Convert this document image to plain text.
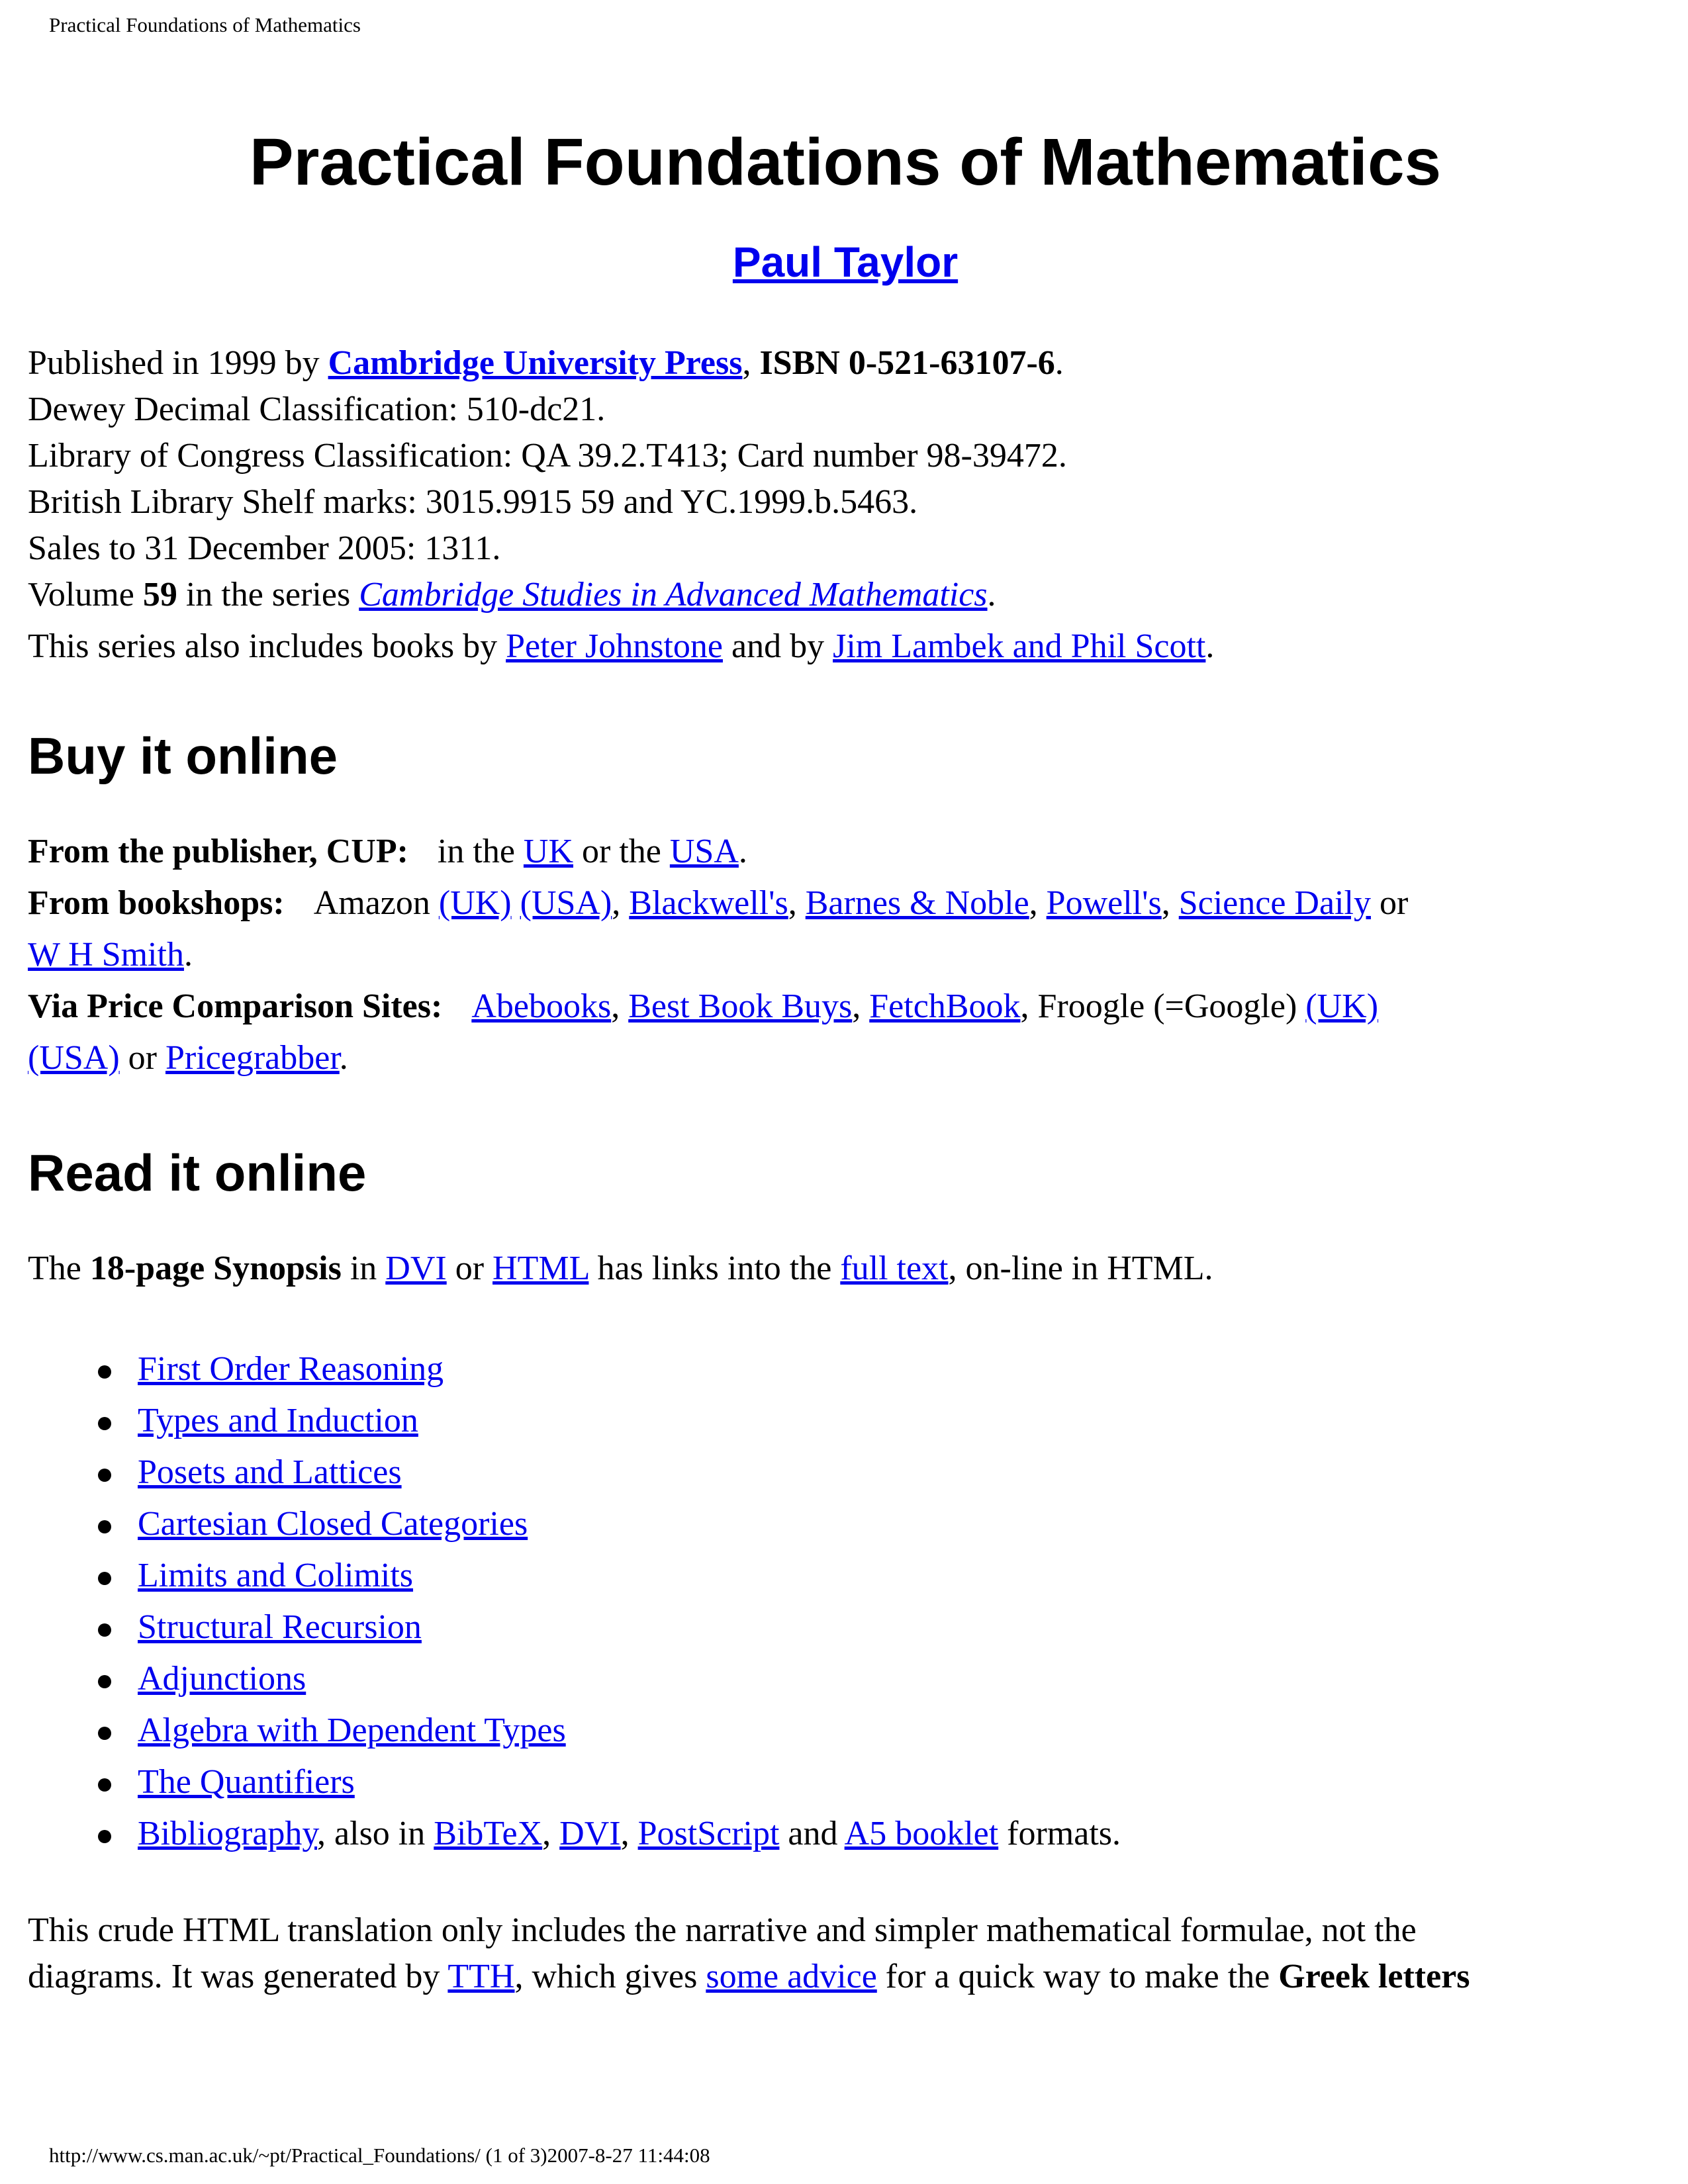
Practical Foundations of Mathematics
Practical Foundations of Mathematics
Paul Taylor
Published in 1999 by Cambridge University Press, ISBN 0-521-63107-6.
Dewey Decimal Classification: 510-dc21.
Library of Congress Classification: QA 39.2.T413; Card number 98-39472.
British Library Shelf marks: 3015.9915 59 and YC.1999.b.5463.
Sales to 31 December 2005: 1311.
Volume 59 in the series Cambridge Studies in Advanced Mathematics.
This series also includes books by Peter Johnstone and by Jim Lambek and Phil Scott.
Buy it online
From the publisher, CUP: in the UK or the USA.
From bookshops: Amazon (UK) (USA), Blackwell's, Barnes & Noble, Powell's, Science Daily or
W H Smith.
Via Price Comparison Sites: Abebooks, Best Book Buys, FetchBook, Froogle (=Google) (UK)
(USA) or Pricegrabber.
Read it online
The 18-page Synopsis in DVI or HTML has links into the full text, on-line in HTML.
First Order Reasoning
Types and Induction
Posets and Lattices
Cartesian Closed Categories
Limits and Colimits
Structural Recursion
Adjunctions
Algebra with Dependent Types
The Quantifiers
Bibliography, also in BibTeX, DVI, PostScript and A5 booklet formats.
This crude HTML translation only includes the narrative and simpler mathematical formulae, not the
diagrams. It was generated by TTH, which gives some advice for a quick way to make the Greek letters
http://www.cs.man.ac.uk/~pt/Practical_Foundations/ (1 of 3)2007-8-27 11:44:08
